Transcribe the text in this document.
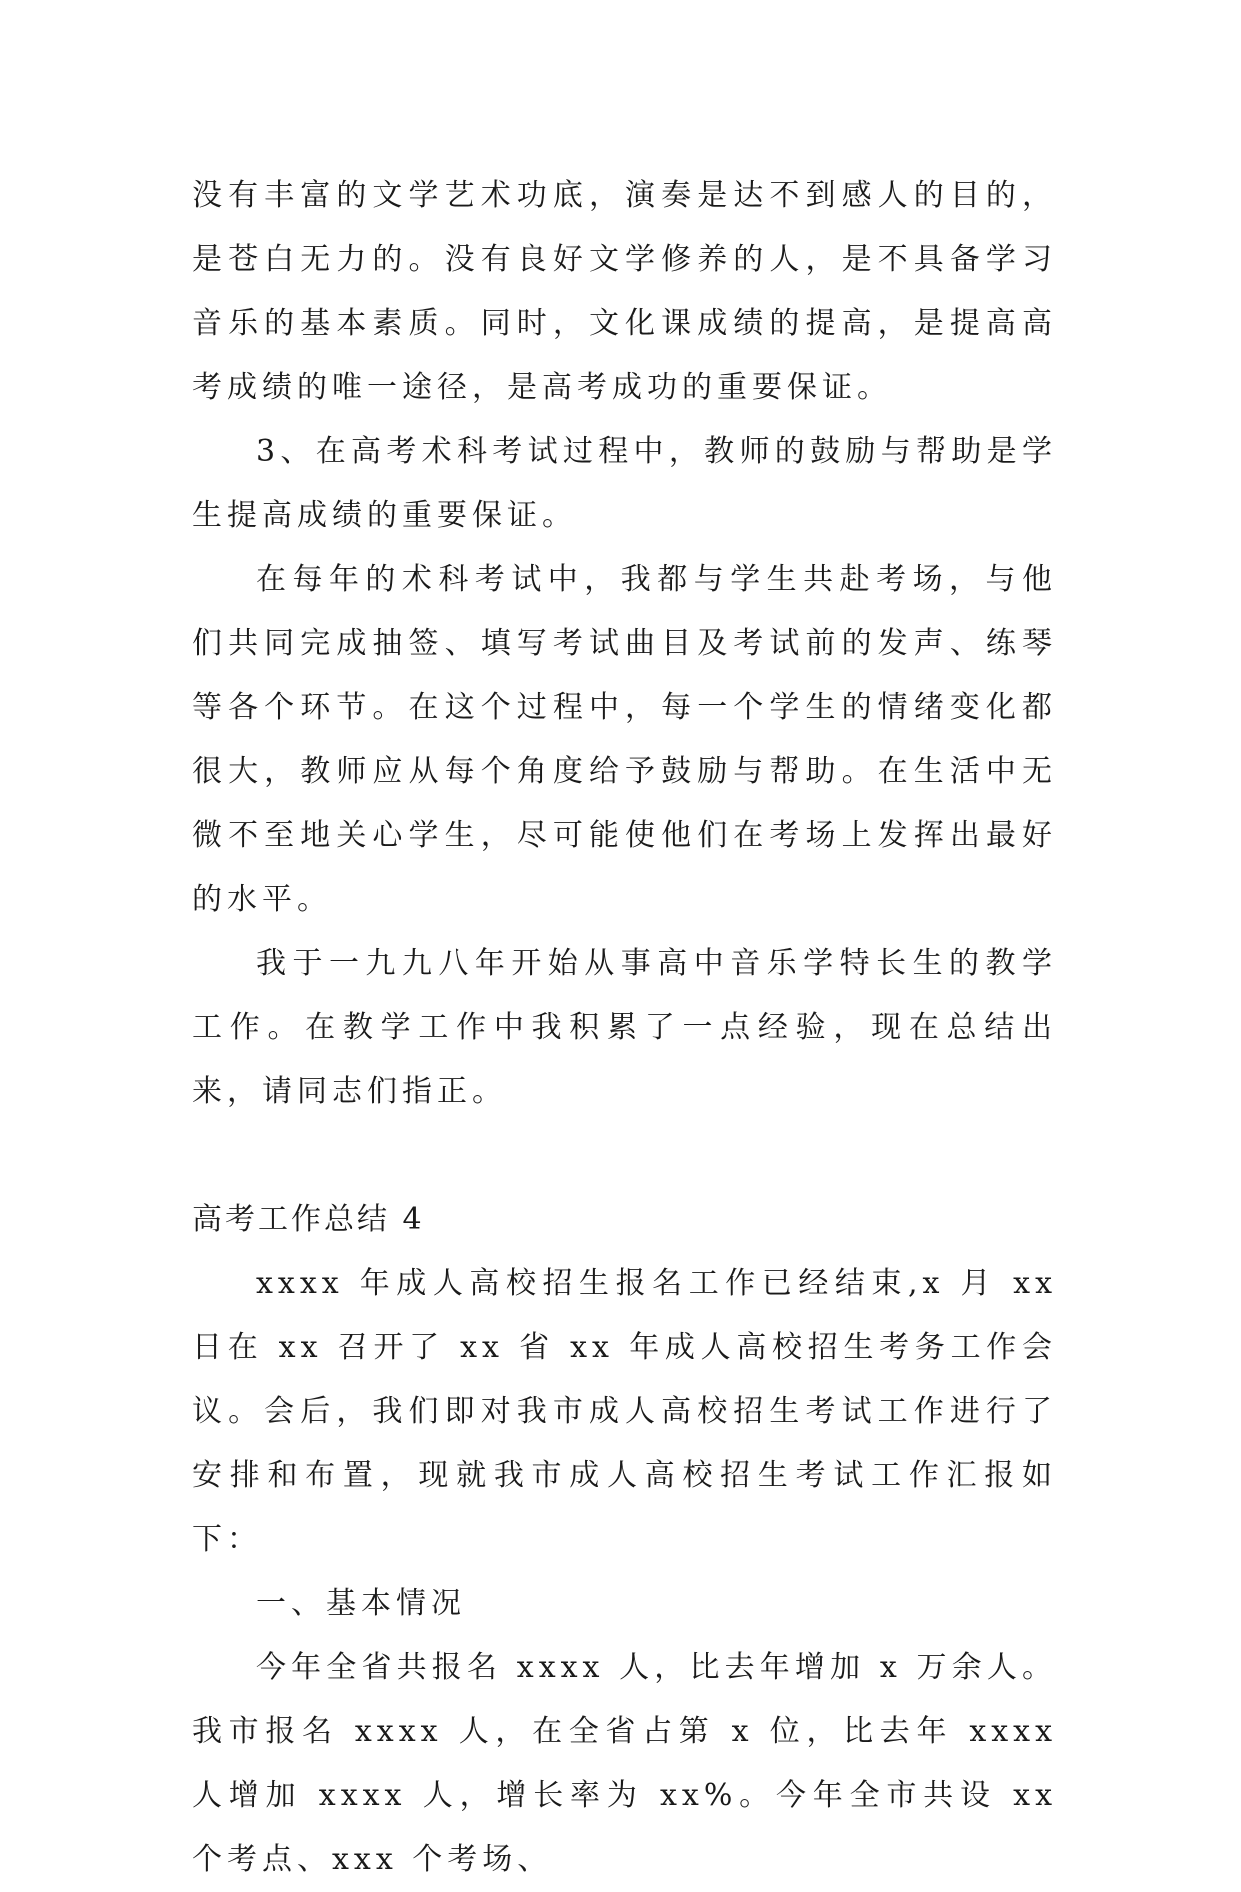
没有丰富的文学艺术功底，演奏是达不到感人的目的，是苍白无力的。没有良好文学修养的人，是不具备学习音乐的基本素质。同时，文化课成绩的提高，是提高高考成绩的唯一途径，是高考成功的重要保证。

3、在高考术科考试过程中，教师的鼓励与帮助是学生提高成绩的重要保证。

在每年的术科考试中，我都与学生共赴考场，与他们共同完成抽签、填写考试曲目及考试前的发声、练琴等各个环节。在这个过程中，每一个学生的情绪变化都很大，教师应从每个角度给予鼓励与帮助。在生活中无微不至地关心学生，尽可能使他们在考场上发挥出最好的水平。

我于一九九八年开始从事高中音乐学特长生的教学工作。在教学工作中我积累了一点经验，现在总结出来，请同志们指正。

高考工作总结 4

xxxx 年成人高校招生报名工作已经结束,x 月 xx 日在 xx 召开了 xx 省 xx 年成人高校招生考务工作会议。会后，我们即对我市成人高校招生考试工作进行了安排和布置，现就我市成人高校招生考试工作汇报如下：

一、基本情况

今年全省共报名 xxxx 人，比去年增加 x 万余人。我市报名 xxxx 人，在全省占第 x 位，比去年 xxxx 人增加 xxxx 人，增长率为 xx%。今年全市共设 xx 个考点、xxx 个考场、
